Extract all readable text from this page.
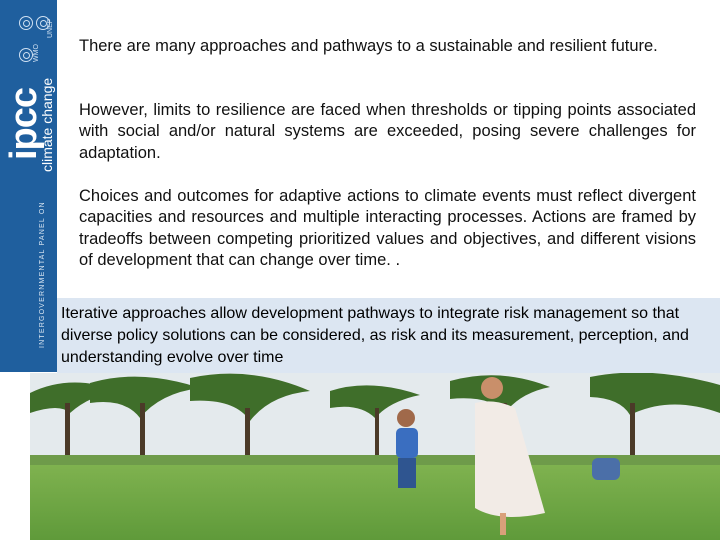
UNEP
WMO
ipcc
climate change
INTERGOVERNMENTAL PANEL ON

There are many approaches and pathways to a sustainable and resilient future.

However, limits to resilience are faced when thresholds or tipping points associated with social and/or natural systems are exceeded, posing severe challenges for adaptation.

Choices and outcomes for adaptive actions to climate events must reflect divergent capacities and resources and multiple interacting processes. Actions are framed by tradeoffs between competing prioritized values and objectives, and different visions of development that can change over time. .

Iterative approaches allow development pathways to integrate risk management so that diverse policy solutions can be considered, as risk and its measurement, perception, and understanding evolve over time
